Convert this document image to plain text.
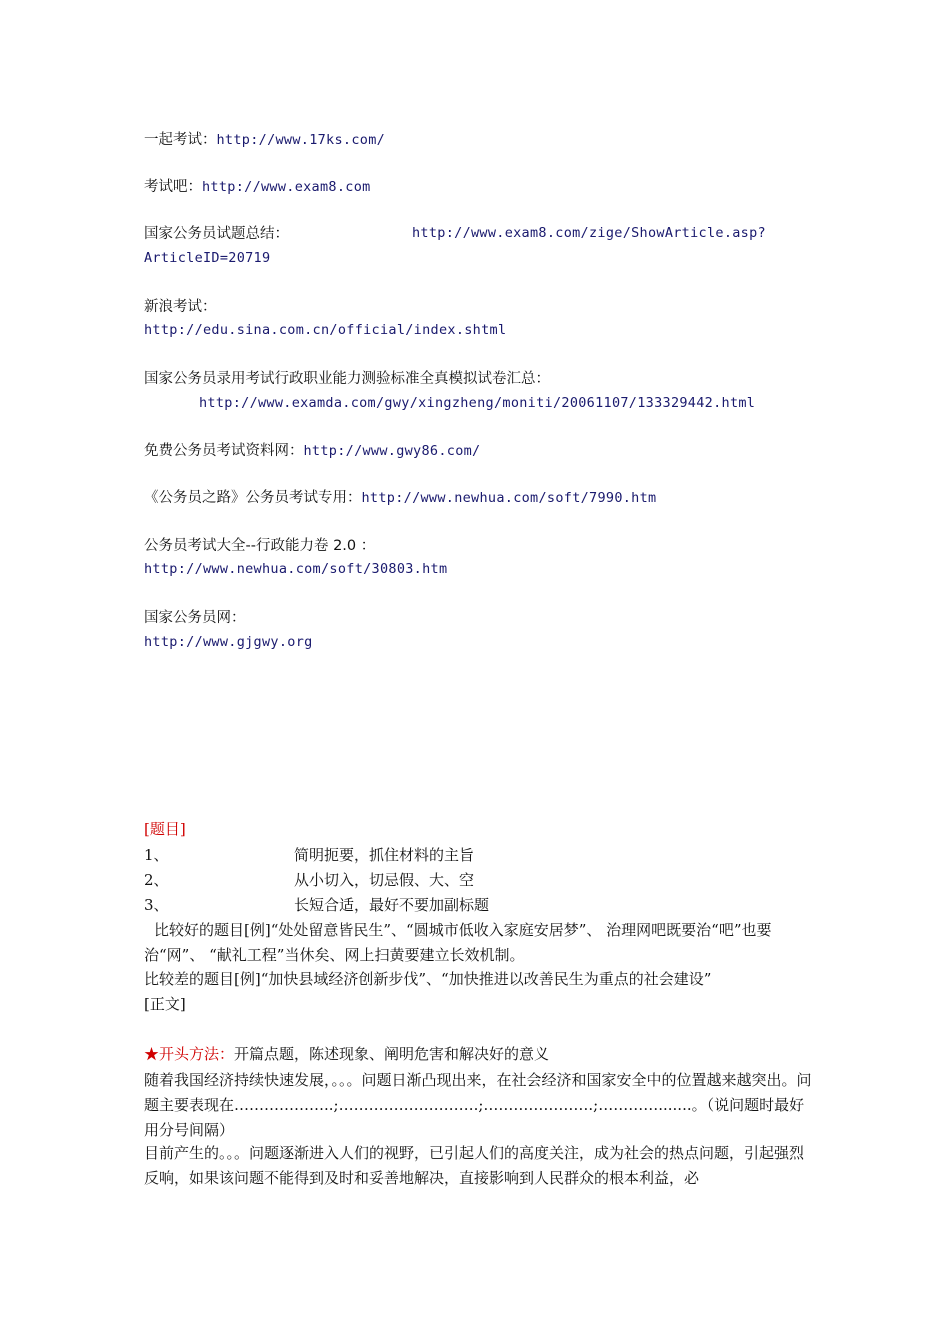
一起考试：http://www.17ks.com/
考试吧：http://www.exam8.com
国家公务员试题总结：	http://www.exam8.com/zige/ShowArticle.asp?
ArticleID=20719
新浪考试：
http://edu.sina.com.cn/official/index.shtml
国家公务员录用考试行政职业能力测验标准全真模拟试卷汇总：
http://www.examda.com/gwy/xingzheng/moniti/20061107/133329442.html
免费公务员考试资料网：http://www.gwy86.com/
《公务员之路》公务员考试专用：http://www.newhua.com/soft/7990.htm
公务员考试大全--行政能力卷 2.0 ：
http://www.newhua.com/soft/30803.htm
国家公务员网：
http://www.gjgwy.org
[题目]
1、	简明扼要，抓住材料的主旨
2、	从小切入，切忌假、大、空
3、	长短合适，最好不要加副标题
比较好的题目[例]“处处留意皆民生”、“圆城市低收入家庭安居梦”、 治理网吧既要治“吧”也要治“网”、 “献礼工程”当休矣、网上扫黄要建立长效机制。
比较差的题目[例]“加快县域经济创新步伐”、“加快推进以改善民生为重点的社会建设”
[正文]
★开头方法：开篇点题，陈述现象、阐明危害和解决好的意义
随着我国经济持续快速发展，。。。问题日渐凸现出来，在社会经济和国家安全中的位置越来越突出。问题主要表现在………………..;……………………….;………………….;………….......。（说问题时最好用分号间隔）
目前产生的。。。问题逐渐进入人们的视野，已引起人们的高度关注，成为社会的热点问题，引起强烈反响，如果该问题不能得到及时和妥善地解决，直接影响到人民群众的根本利益，必
